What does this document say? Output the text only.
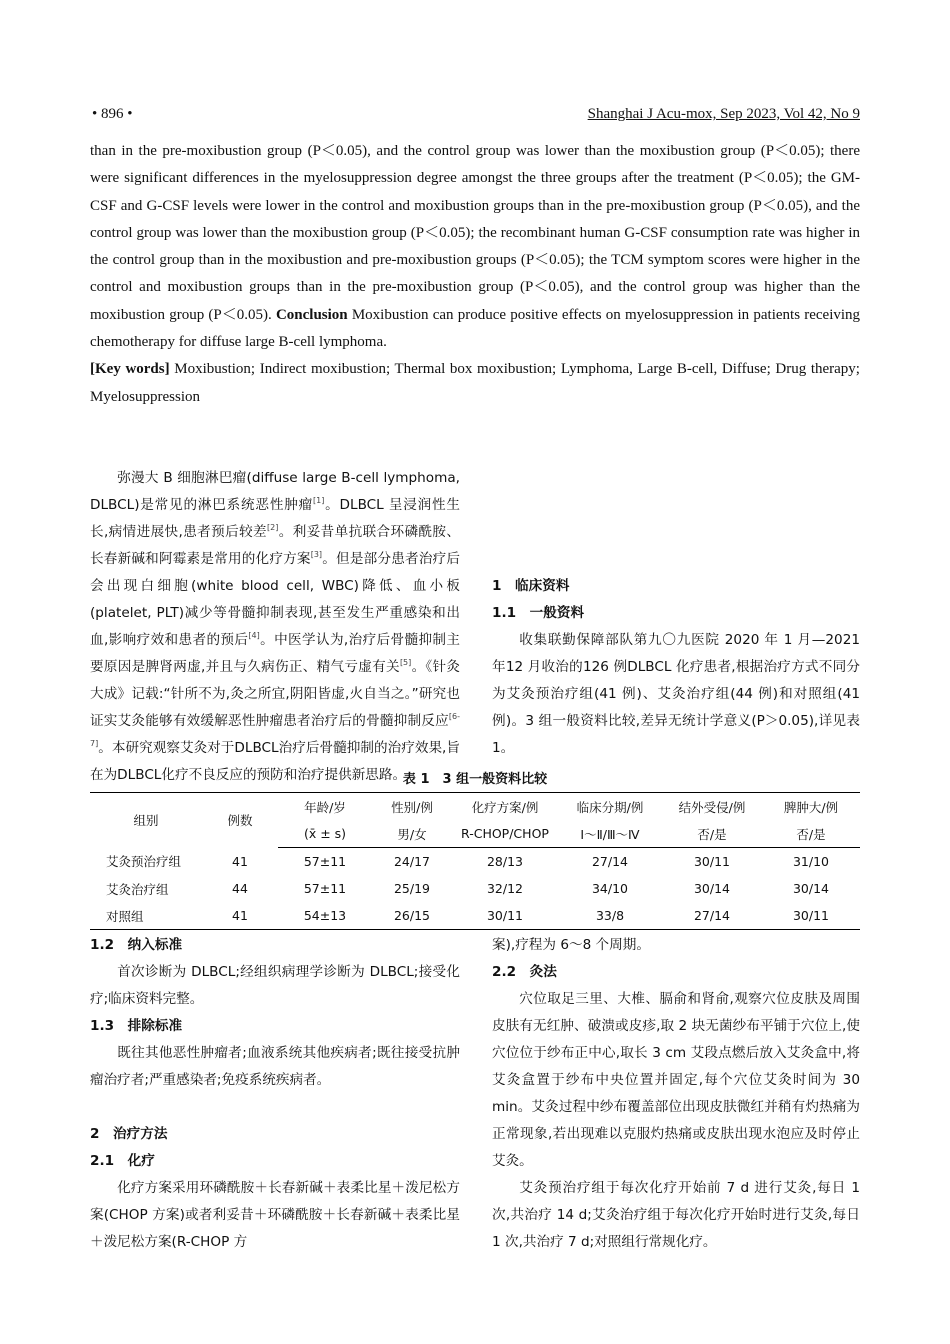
• 896 •	Shanghai J Acu-mox, Sep 2023, Vol 42, No 9

than in the pre-moxibustion group (P＜0.05), and the control group was lower than the moxibustion group (P＜0.05); there were significant differences in the myelosuppression degree amongst the three groups after the treatment (P＜0.05); the GM-CSF and G-CSF levels were lower in the control and moxibustion groups than in the pre-moxibustion group (P＜0.05), and the control group was lower than the moxibustion group (P＜0.05); the recombinant human G-CSF consumption rate was higher in the control group than in the moxibustion and pre-moxibustion groups (P＜0.05); the TCM symptom scores were higher in the control and moxibustion groups than in the pre-moxibustion group (P＜0.05), and the control group was higher than the moxibustion group (P＜0.05). Conclusion Moxibustion can produce positive effects on myelosuppression in patients receiving chemotherapy for diffuse large B-cell lymphoma.

[Key words] Moxibustion; Indirect moxibustion; Thermal box moxibustion; Lymphoma, Large B-cell, Diffuse; Drug therapy; Myelosuppression

弥漫大 B 细胞淋巴瘤(diffuse large B-cell lymphoma, DLBCL)是常见的淋巴系统恶性肿瘤[1]。DLBCL 呈浸润性生长,病情进展快,患者预后较差[2]。利妥昔单抗联合环磷酰胺、长春新碱和阿霉素是常用的化疗方案[3]。但是部分患者治疗后会出现白细胞(white blood cell, WBC)降低、血小板(platelet, PLT)减少等骨髓抑制表现,甚至发生严重感染和出血,影响疗效和患者的预后[4]。中医学认为,治疗后骨髓抑制主要原因是脾肾两虚,并且与久病伤正、精气亏虚有关[5]。《针灸大成》记载:“针所不为,灸之所宜,阴阳皆虚,火自当之。”研究也证实艾灸能够有效缓解恶性肿瘤患者治疗后的骨髓抑制反应[6-7]。本研究观察艾灸对于DLBCL治疗后骨髓抑制的治疗效果,旨在为DLBCL化疗不良反应的预防和治疗提供新思路。

1　临床资料
1.1　一般资料

收集联勤保障部队第九〇九医院 2020 年 1 月—2021 年12 月收治的126 例DLBCL 化疗患者,根据治疗方式不同分为艾灸预治疗组(41 例)、艾灸治疗组(44 例)和对照组(41 例)。3 组一般资料比较,差异无统计学意义(P＞0.05),详见表 1。

表 1　3 组一般资料比较
组别	例数	年龄/岁	性别/例	化疗方案/例	临床分期/例	结外受侵/例	脾肿大/例
		(x̄ ± s)	男/女	R-CHOP/CHOP	Ⅰ～Ⅱ/Ⅲ～Ⅳ	否/是	否/是
艾灸预治疗组	41	57±11	24/17	28/13	27/14	30/11	31/10
艾灸治疗组	44	57±11	25/19	32/12	34/10	30/14	30/14
对照组	41	54±13	26/15	30/11	33/8	27/14	30/11
1.2　纳入标准

首次诊断为 DLBCL;经组织病理学诊断为 DLBCL;接受化疗;临床资料完整。

1.3　排除标准

既往其他恶性肿瘤者;血液系统其他疾病者;既往接受抗肿瘤治疗者;严重感染者;免疫系统疾病者。

2　治疗方法
2.1　化疗

化疗方案采用环磷酰胺＋长春新碱＋表柔比星＋泼尼松方案(CHOP 方案)或者利妥昔＋环磷酰胺＋长春新碱＋表柔比星＋泼尼松方案(R-CHOP 方

案),疗程为 6～8 个周期。

2.2　灸法

穴位取足三里、大椎、膈俞和肾俞,观察穴位皮肤及周围皮肤有无红肿、破溃或皮疹,取 2 块无菌纱布平铺于穴位上,使穴位位于纱布正中心,取长 3 cm 艾段点燃后放入艾灸盒中,将艾灸盒置于纱布中央位置并固定,每个穴位艾灸时间为 30 min。艾灸过程中纱布覆盖部位出现皮肤微红并稍有灼热痛为正常现象,若出现难以克服灼热痛或皮肤出现水泡应及时停止艾灸。

艾灸预治疗组于每次化疗开始前 7 d 进行艾灸,每日 1 次,共治疗 14 d;艾灸治疗组于每次化疗开始时进行艾灸,每日 1 次,共治疗 7 d;对照组行常规化疗。
